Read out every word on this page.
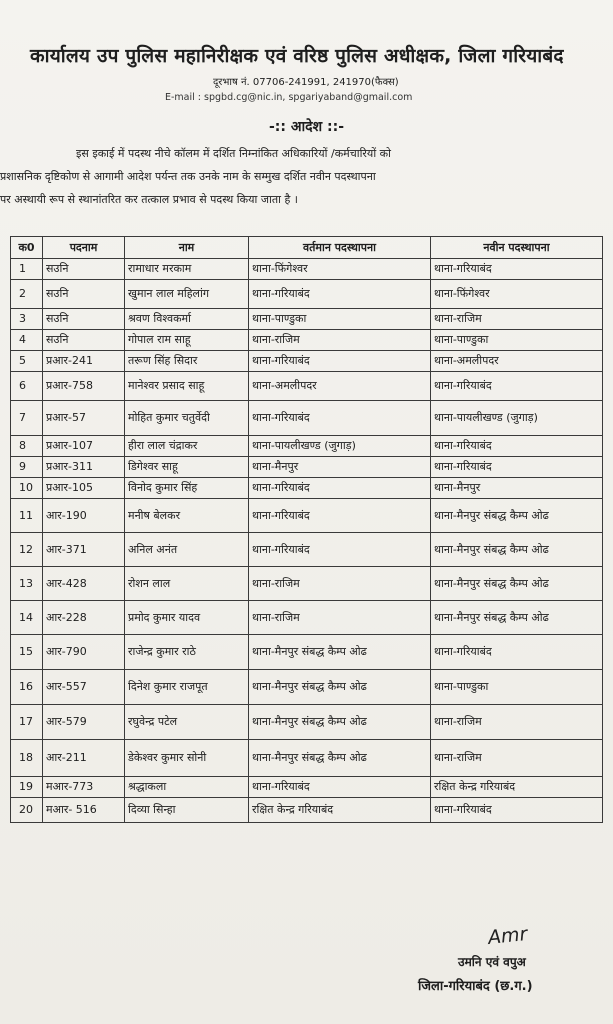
कार्यालय उप पुलिस महानिरीक्षक एवं वरिष्ठ पुलिस अधीक्षक, जिला गरियाबंद
दूरभाष नं. 07706-241991, 241970(फैक्स)
E-mail : spgbd.cg@nic.in, spgariyaband@gmail.com
-:: आदेश ::-
इस इकाई में पदस्थ नीचे कॉलम में दर्शित निम्नांकित अधिकारियों /कर्मचारियों को
प्रशासनिक दृष्टिकोण से आगामी आदेश पर्यन्त तक उनके नाम के सम्मुख दर्शित नवीन पदस्थापना
पर अस्थायी रूप से स्थानांतरित कर तत्काल प्रभाव से पदस्थ किया जाता है ।
क0	पदनाम	नाम	वर्तमान पदस्थापना	नवीन पदस्थापना
1	सउनि	रामाधार मरकाम	थाना-फिंगेश्वर	थाना-गरियाबंद
2	सउनि	खुमान लाल महिलांग	थाना-गरियाबंद	थाना-फिंगेश्वर
3	सउनि	श्रवण विश्वकर्मा	थाना-पाण्डुका	थाना-राजिम
4	सउनि	गोपाल राम साहू	थाना-राजिम	थाना-पाण्डुका
5	प्रआर-241	तरूण सिंह सिदार	थाना-गरियाबंद	थाना-अमलीपदर
6	प्रआर-758	मानेश्वर प्रसाद साहू	थाना-अमलीपदर	थाना-गरियाबंद
7	प्रआर-57	मोहित कुमार चतुर्वेदी	थाना-गरियाबंद	थाना-पायलीखण्ड (जुगाड़)
8	प्रआर-107	हीरा लाल चंद्राकर	थाना-पायलीखण्ड (जुगाड़)	थाना-गरियाबंद
9	प्रआर-311	डिगेश्वर साहू	थाना-मैनपुर	थाना-गरियाबंद
10	प्रआर-105	विनोद कुमार सिंह	थाना-गरियाबंद	थाना-मैनपुर
11	आर-190	मनीष बेलकर	थाना-गरियाबंद	थाना-मैनपुर संबद्ध कैम्प ओढ
12	आर-371	अनिल अनंत	थाना-गरियाबंद	थाना-मैनपुर संबद्ध कैम्प ओढ
13	आर-428	रोशन लाल	थाना-राजिम	थाना-मैनपुर संबद्ध कैम्प ओढ
14	आर-228	प्रमोद कुमार यादव	थाना-राजिम	थाना-मैनपुर संबद्ध कैम्प ओढ
15	आर-790	राजेन्द्र कुमार राठे	थाना-मैनपुर संबद्ध कैम्प ओढ	थाना-गरियाबंद
16	आर-557	दिनेश कुमार राजपूत	थाना-मैनपुर संबद्ध कैम्प ओढ	थाना-पाण्डुका
17	आर-579	रघुवेन्द्र पटेल	थाना-मैनपुर संबद्ध कैम्प ओढ	थाना-राजिम
18	आर-211	डेकेश्वर कुमार सोनी	थाना-मैनपुर संबद्ध कैम्प ओढ	थाना-राजिम
19	मआर-773	श्रद्धाकला	थाना-गरियाबंद	रक्षित केन्द्र गरियाबंद
20	मआर- 516	दिव्या सिन्हा	रक्षित केन्द्र गरियाबंद	थाना-गरियाबंद
Amr
उमनि एवं वपुअ
जिला-गरियाबंद (छ.ग.)
